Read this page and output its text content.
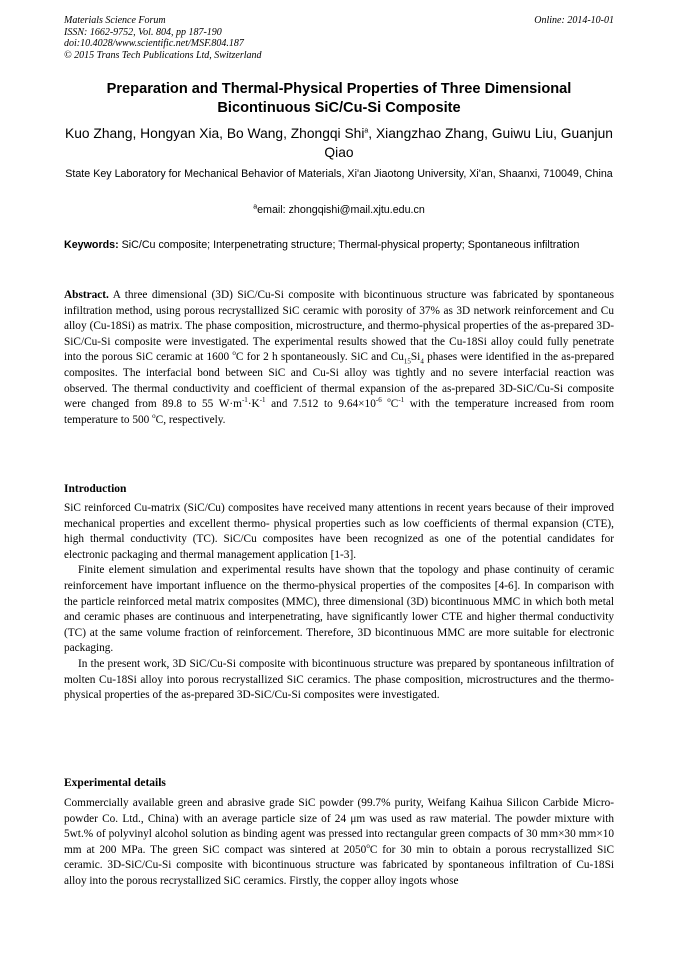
Materials Science Forum
ISSN: 1662-9752, Vol. 804, pp 187-190
doi:10.4028/www.scientific.net/MSF.804.187
© 2015 Trans Tech Publications Ltd, Switzerland
Online: 2014-10-01
Preparation and Thermal-Physical Properties of Three Dimensional Bicontinuous SiC/Cu-Si Composite
Kuo Zhang, Hongyan Xia, Bo Wang, Zhongqi Shi$^a$, Xiangzhao Zhang, Guiwu Liu, Guanjun Qiao
State Key Laboratory for Mechanical Behavior of Materials, Xi'an Jiaotong University, Xi'an, Shaanxi, 710049, China
$^a$email: zhongqishi@mail.xjtu.edu.cn
Keywords: SiC/Cu composite; Interpenetrating structure; Thermal-physical property; Spontaneous infiltration
Abstract. A three dimensional (3D) SiC/Cu-Si composite with bicontinuous structure was fabricated by spontaneous infiltration method, using porous recrystallized SiC ceramic with porosity of 37% as 3D network reinforcement and Cu alloy (Cu-18Si) as matrix. The phase composition, microstructure, and thermo-physical properties of the as-prepared 3D-SiC/Cu-Si composite were investigated. The experimental results showed that the Cu-18Si alloy could fully penetrate into the porous SiC ceramic at 1600 $^o$C for 2 h spontaneously. SiC and $Cu_{15}Si_4$ phases were identified in the as-prepared composites. The interfacial bond between SiC and Cu-Si alloy was tightly and no severe interfacial reaction was observed. The thermal conductivity and coefficient of thermal expansion of the as-prepared 3D-SiC/Cu-Si composite were changed from 89.8 to 55 $W\cdot m^{-1}\cdot K^{-1}$ and 7.512 to $9.64\times 10^{-6}$ $^oC^{-1}$ with the temperature increased from room temperature to 500 $^o$C, respectively.
Introduction

SiC reinforced Cu-matrix (SiC/Cu) composites have received many attentions in recent years because of their improved mechanical properties and excellent thermo- physical properties such as low coefficients of thermal expansion (CTE), high thermal conductivity (TC). SiC/Cu composites have been recognized as one of the potential candidates for electronic packaging and thermal management application [1-3].

Finite element simulation and experimental results have shown that the topology and phase continuity of ceramic reinforcement have important influence on the thermo-physical properties of the composites [4-6]. In comparison with the particle reinforced metal matrix composites (MMC), three dimensional (3D) bicontinuous MMC in which both metal and ceramic phases are continuous and interpenetrating, have significantly lower CTE and higher thermal conductivity (TC) at the same volume fraction of reinforcement. Therefore, 3D bicontinuous MMC are more suitable for electronic packaging.

In the present work, 3D SiC/Cu-Si composite with bicontinuous structure was prepared by spontaneous infiltration of molten Cu-18Si alloy into porous recrystallized SiC ceramics. The phase composition, microstructures and the thermo-physical properties of the as-prepared 3D-SiC/Cu-Si composites were investigated.

Experimental details

Commercially available green and abrasive grade SiC powder (99.7% purity, Weifang Kaihua Silicon Carbide Micro-powder Co. Ltd., China) with an average particle size of 24 μm was used as raw material. The powder mixture with 5wt.% of polyvinyl alcohol solution as binding agent was pressed into rectangular green compacts of 30 mm×30 mm×10 mm at 200 MPa. The green SiC compact was sintered at 2050$^o$C for 30 min to obtain a porous recrystallized SiC ceramic. 3D-SiC/Cu-Si composite with bicontinuous structure was fabricated by spontaneous infiltration of Cu-18Si alloy into the porous recrystallized SiC ceramics. Firstly, the copper alloy ingots whose
